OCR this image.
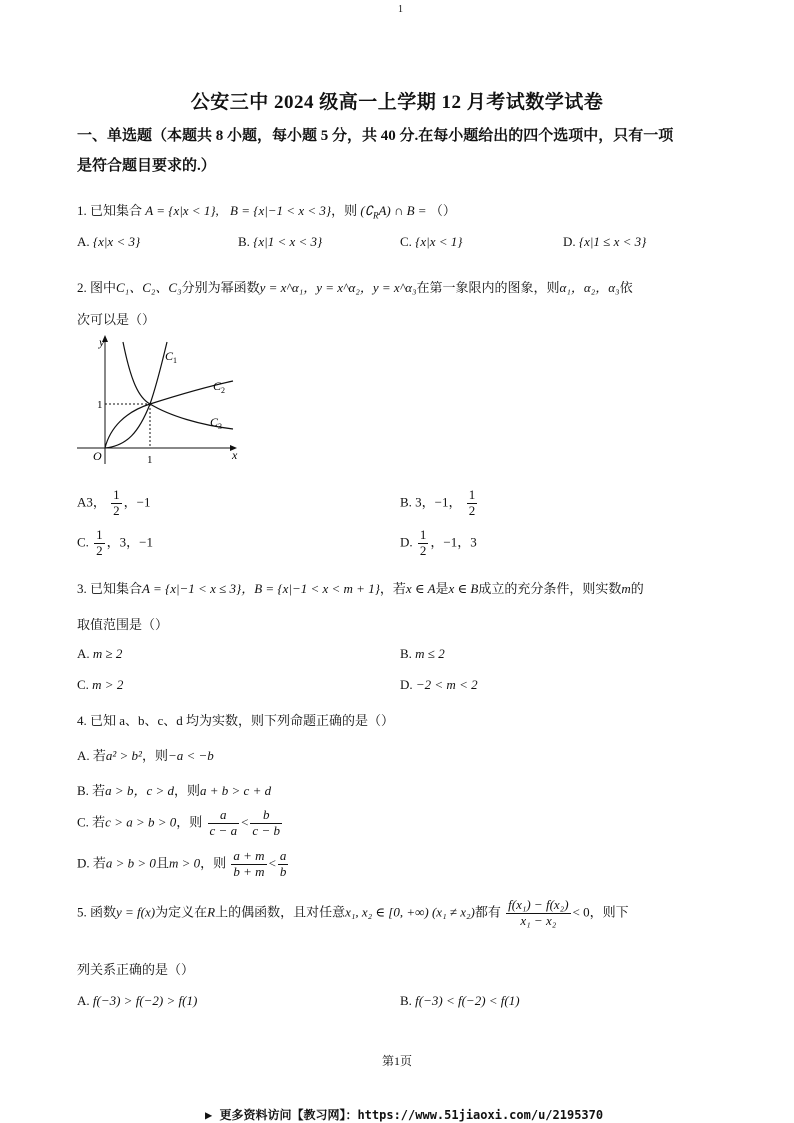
1
公安三中 2024 级高一上学期 12 月考试数学试卷
一、单选题（本题共 8 小题，每小题 5 分，共 40 分.在每小题给出的四个选项中，只有一项
是符合题目要求的.）
1. 已知集合 A = {x|x < 1}, B = {x|−1 < x < 3}，则 $(∁_RA)$ ∩ B = （）
A. {x|x < 3}	B. {x|1 < x < 3}	C. {x|x < 1}	D. {x|1 ≤ x < 3}
2. 图中C₁、C₂、C₃分别为幂函数y = x^α₁，y = x^α₂，y = x^α₃在第一象限内的图象，则α₁，α₂，α₃依
次可以是（）
y
x
O	1
1
$C_1$
$C_2$
$C_3$
A3， $\frac{1}{2}$ ，−1	B. 3，−1， $\frac{1}{2}$
C. $\frac{1}{2}$ ，3，−1	D. $\frac{1}{2}$ ，−1，3
3. 已知集合A = {x|−1 < x ≤ 3}，B = {x|−1 < x < m + 1}，若x ∈ A是x ∈ B成立的充分条件，则实数m的
取值范围是（）
A. m ≥ 2	B. m ≤ 2
C. m > 2	D. −2 < m < 2
4. 已知 a、b、c、d 均为实数，则下列命题正确的是（）
A. 若a² > b²，则−a < −b
B. 若a > b，c > d，则a + b > c + d
C. 若c > a > b > 0，则 $\frac{a}{c - a} < \frac{b}{c - b}$
D. 若a > b > 0且m > 0，则 $\frac{a + m}{b + m} < \frac{a}{b}$
5. 函数y = f(x)为定义在R上的偶函数，且对任意x₁, x₂ ∈ [0, +∞) (x₁ ≠ x₂)都有 $\frac{\text{f(x₁) − f(x₂)}}{\text{x₁ − x₂}} < 0$，则下
列关系正确的是（）
A. f(−3) > f(−2) > f(1)	B. f(−3) < f(−2) < f(1)
第1页
▶ 更多资料访问【教习网】：https://www.51jiaoxi.com/u/2195370
